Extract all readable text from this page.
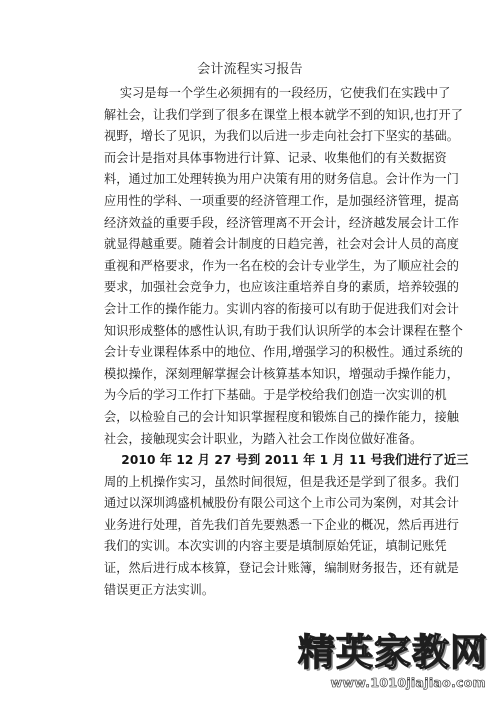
会计流程实习报告
实习是每一个学生必须拥有的一段经历，它使我们在实践中了
解社会，让我们学到了很多在课堂上根本就学不到的知识,也打开了
视野，增长了见识，为我们以后进一步走向社会打下坚实的基础。
而会计是指对具体事物进行计算、记录、收集他们的有关数据资
料，通过加工处理转换为用户决策有用的财务信息。会计作为一门
应用性的学科、一项重要的经济管理工作，是加强经济管理，提高
经济效益的重要手段，经济管理离不开会计，经济越发展会计工作
就显得越重要。随着会计制度的日趋完善，社会对会计人员的高度
重视和严格要求，作为一名在校的会计专业学生，为了顺应社会的
要求，加强社会竞争力，也应该注重培养自身的素质，培养较强的
会计工作的操作能力。实训内容的衔接可以有助于促进我们对会计
知识形成整体的感性认识,有助于我们认识所学的本会计课程在整个
会计专业课程体系中的地位、作用,增强学习的积极性。通过系统的
模拟操作，深刻理解掌握会计核算基本知识，增强动手操作能力，
为今后的学习工作打下基础。于是学校给我们创造一次实训的机
会，以检验自己的会计知识掌握程度和锻炼自己的操作能力，接触
社会，接触现实会计职业，为踏入社会工作岗位做好准备。
2010 年 12 月 27 号到 2011 年 1 月 11 号我们进行了近三
周的上机操作实习，虽然时间很短，但是我还是学到了很多。我们
通过以深圳鸿盛机械股份有限公司这个上市公司为案例，对其会计
业务进行处理，首先我们首先要熟悉一下企业的概况，然后再进行
我们的实训。本次实训的内容主要是填制原始凭证，填制记账凭
证，然后进行成本核算，登记会计账簿，编制财务报告，还有就是
错误更正方法实训。
精英家教网
www.1010jiajiao.com
